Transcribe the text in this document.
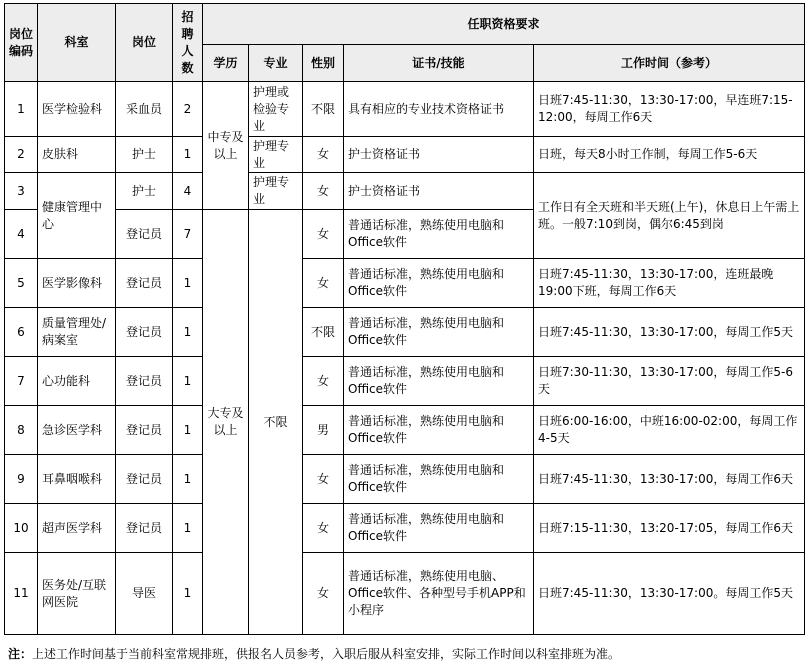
岗位编码	科室	岗位	招聘人数	任职资格要求				
				学历	专业	性别	证书/技能	工作时间（参考）
1	医学检验科	采血员	2	中专及以上	护理或检验专业	不限	具有相应的专业技术资格证书	日班7:45-11:30，13:30-17:00，早连班7:15-12:00，每周工作6天
2	皮肤科	护士	1		护理专业	女	护士资格证书	日班，每天8小时工作制，每周工作5-6天
3	健康管理中心	护士	4		护理专业	女	护士资格证书	工作日有全天班和半天班(上午)，休息日上午需上班。一般7:10到岗，偶尔6:45到岗
4		登记员	7	大专及以上	不限	女	普通话标准，熟练使用电脑和Office软件	
5	医学影像科	登记员	1			女	普通话标准，熟练使用电脑和Office软件	日班7:45-11:30，13:30-17:00，连班最晚19:00下班，每周工作6天
6	质量管理处/病案室	登记员	1			不限	普通话标准，熟练使用电脑和Office软件	日班7:45-11:30，13:30-17:00，每周工作5天
7	心功能科	登记员	1			女	普通话标准，熟练使用电脑和Office软件	日班7:30-11:30，13:30-17:00，每周工作5-6天
8	急诊医学科	登记员	1			男	普通话标准，熟练使用电脑和Office软件	日班6:00-16:00，中班16:00-02:00，每周工作4-5天
9	耳鼻咽喉科	登记员	1			女	普通话标准，熟练使用电脑和Office软件	日班7:45-11:30，13:30-17:00，每周工作6天
10	超声医学科	登记员	1			女	普通话标准，熟练使用电脑和Office软件	日班7:15-11:30，13:20-17:05，每周工作6天
11	医务处/互联网医院	导医	1			女	普通话标准，熟练使用电脑、Office软件、各种型号手机APP和小程序	日班7:45-11:30，13:30-17:00。每周工作5天
注：上述工作时间基于当前科室常规排班，供报名人员参考，入职后服从科室安排，实际工作时间以科室排班为准。
